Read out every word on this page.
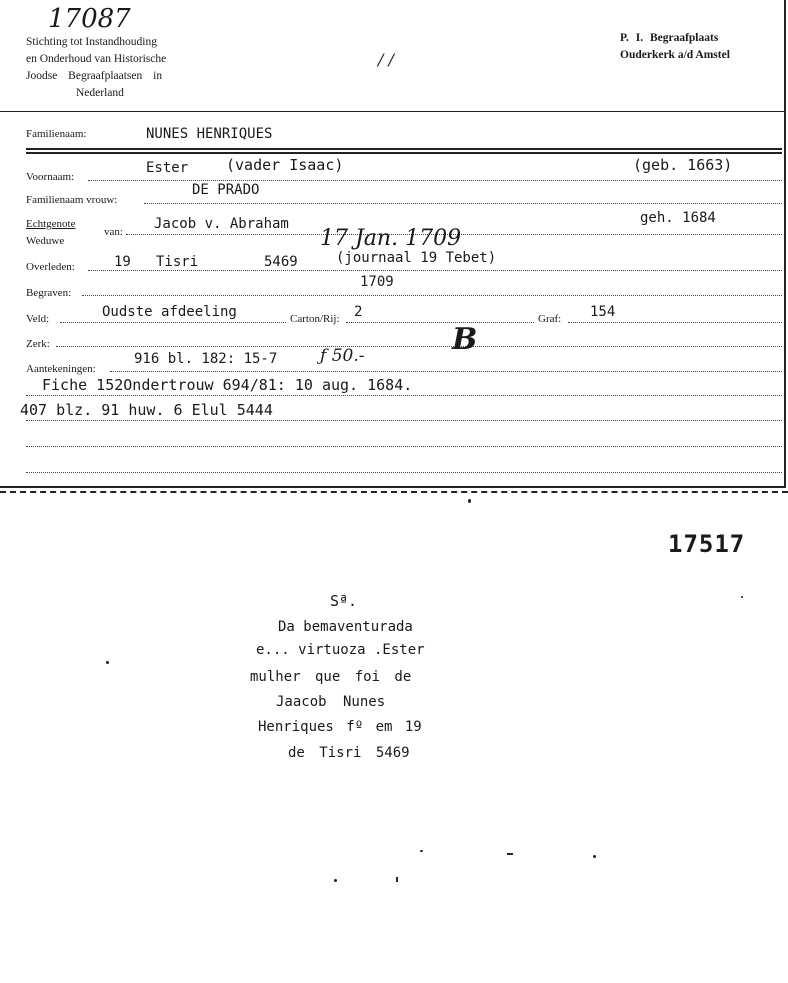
17087
Stichting tot Instandhouding
en Onderhoud van Historische
Joodse Begraafplaatsen in
Nederland
/ /
P. I. Begraafplaats
Ouderkerk a/d Amstel
Familienaam:	NUNES HENRIQUES
Voornaam:
Ester	(vader Isaac)	(geb. 1663)
Familienaam vrouw:
DE PRADO
Echtgenote
Weduwe
van: Jacob v. Abraham	geh. 1684
17 Jan. 1709
Overleden:	19 Tisri	5469	(journaal 19 Tebet)
Begraven:
1709
Veld:	Oudste afdeeling	Carton/Rij: 2	Graf: 154
Zerk:	B
Aantekeningen:
916 bl. 182: 15-7	ƒ 50.-
Fiche 152Ondertrouw 694/81: 10 aug. 1684.
407 blz. 91 huw. 6 Elul 5444
17517
Sª.
Da bemaventurada
e... virtuoza .Ester
mulher que foi de
Jaacob Nunes
Henriques fº em 19
de Tisri 5469
